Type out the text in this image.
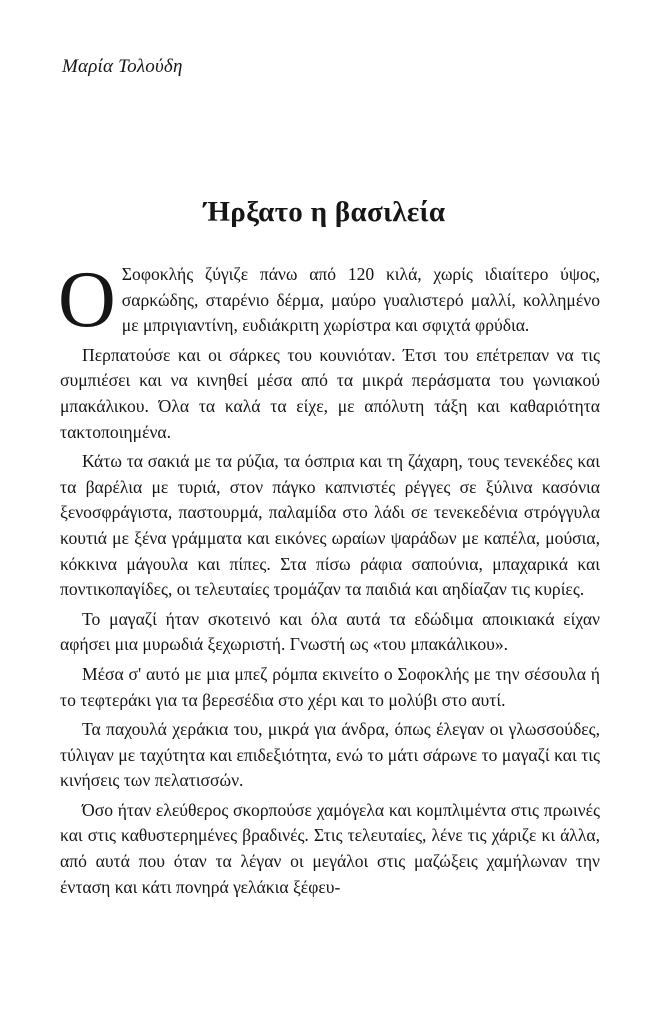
Μαρία Τολούδη
Ήρξατο η βασιλεία

Ο Σοφοκλής ζύγιζε πάνω από 120 κιλά, χωρίς ιδιαίτερο ύψος, σαρκώδης, σταρένιο δέρμα, μαύρο γυαλιστερό μαλλί, κολλημένο με μπριγιαντίνη, ευδιάκριτη χωρίστρα και σφιχτά φρύδια.

Περπατούσε και οι σάρκες του κουνιόταν. Έτσι του επέτρεπαν να τις συμπιέσει και να κινηθεί μέσα από τα μικρά περάσματα του γωνιακού μπακάλικου. Όλα τα καλά τα είχε, με απόλυτη τάξη και καθαριότητα τακτοποιημένα.

Κάτω τα σακιά με τα ρύζια, τα όσπρια και τη ζάχαρη, τους τενεκέδες και τα βαρέλια με τυριά, στον πάγκο καπνιστές ρέγγες σε ξύλινα κασόνια ξενοσφράγιστα, παστουρμά, παλαμίδα στο λάδι σε τενεκεδένια στρόγγυλα κουτιά με ξένα γράμματα και εικόνες ωραίων ψαράδων με καπέλα, μούσια, κόκκινα μάγουλα και πίπες. Στα πίσω ράφια σαπούνια, μπαχαρικά και ποντικοπαγίδες, οι τελευταίες τρομάζαν τα παιδιά και αηδίαζαν τις κυρίες.

Το μαγαζί ήταν σκοτεινό και όλα αυτά τα εδώδιμα αποικιακά είχαν αφήσει μια μυρωδιά ξεχωριστή. Γνωστή ως «του μπακάλικου».

Μέσα σ' αυτό με μια μπεζ ρόμπα εκινείτο ο Σοφοκλής με την σέσουλα ή το τεφτεράκι για τα βερεσέδια στο χέρι και το μολύβι στο αυτί.

Τα παχουλά χεράκια του, μικρά για άνδρα, όπως έλεγαν οι γλωσσούδες, τύλιγαν με ταχύτητα και επιδεξιότητα, ενώ το μάτι σάρωνε το μαγαζί και τις κινήσεις των πελατισσών.

Όσο ήταν ελεύθερος σκορπούσε χαμόγελα και κομπλιμέντα στις πρωινές και στις καθυστερημένες βραδινές. Στις τελευταίες, λένε τις χάριζε κι άλλα, από αυτά που όταν τα λέγαν οι μεγάλοι στις μαζώξεις χαμήλωναν την ένταση και κάτι πονηρά γελάκια ξέφευ-
